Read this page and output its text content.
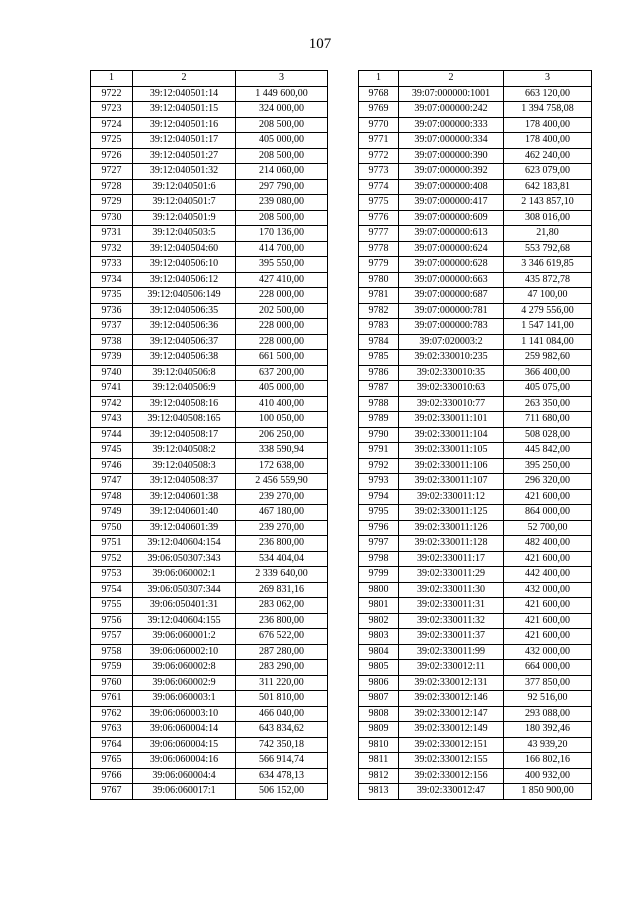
107
1	2	3
9722	39:12:040501:14	1 449 600,00
9723	39:12:040501:15	324 000,00
9724	39:12:040501:16	208 500,00
9725	39:12:040501:17	405 000,00
9726	39:12:040501:27	208 500,00
9727	39:12:040501:32	214 060,00
9728	39:12:040501:6	297 790,00
9729	39:12:040501:7	239 080,00
9730	39:12:040501:9	208 500,00
9731	39:12:040503:5	170 136,00
9732	39:12:040504:60	414 700,00
9733	39:12:040506:10	395 550,00
9734	39:12:040506:12	427 410,00
9735	39:12:040506:149	228 000,00
9736	39:12:040506:35	202 500,00
9737	39:12:040506:36	228 000,00
9738	39:12:040506:37	228 000,00
9739	39:12:040506:38	661 500,00
9740	39:12:040506:8	637 200,00
9741	39:12:040506:9	405 000,00
9742	39:12:040508:16	410 400,00
9743	39:12:040508:165	100 050,00
9744	39:12:040508:17	206 250,00
9745	39:12:040508:2	338 590,94
9746	39:12:040508:3	172 638,00
9747	39:12:040508:37	2 456 559,90
9748	39:12:040601:38	239 270,00
9749	39:12:040601:40	467 180,00
9750	39:12:040601:39	239 270,00
9751	39:12:040604:154	236 800,00
9752	39:06:050307:343	534 404,04
9753	39:06:060002:1	2 339 640,00
9754	39:06:050307:344	269 831,16
9755	39:06:050401:31	283 062,00
9756	39:12:040604:155	236 800,00
9757	39:06:060001:2	676 522,00
9758	39:06:060002:10	287 280,00
9759	39:06:060002:8	283 290,00
9760	39:06:060002:9	311 220,00
9761	39:06:060003:1	501 810,00
9762	39:06:060003:10	466 040,00
9763	39:06:060004:14	643 834,62
9764	39:06:060004:15	742 350,18
9765	39:06:060004:16	566 914,74
9766	39:06:060004:4	634 478,13
9767	39:06:060017:1	506 152,00
1	2	3
9768	39:07:000000:1001	663 120,00
9769	39:07:000000:242	1 394 758,08
9770	39:07:000000:333	178 400,00
9771	39:07:000000:334	178 400,00
9772	39:07:000000:390	462 240,00
9773	39:07:000000:392	623 079,00
9774	39:07:000000:408	642 183,81
9775	39:07:000000:417	2 143 857,10
9776	39:07:000000:609	308 016,00
9777	39:07:000000:613	21,80
9778	39:07:000000:624	553 792,68
9779	39:07:000000:628	3 346 619,85
9780	39:07:000000:663	435 872,78
9781	39:07:000000:687	47 100,00
9782	39:07:000000:781	4 279 556,00
9783	39:07:000000:783	1 547 141,00
9784	39:07:020003:2	1 141 084,00
9785	39:02:330010:235	259 982,60
9786	39:02:330010:35	366 400,00
9787	39:02:330010:63	405 075,00
9788	39:02:330010:77	263 350,00
9789	39:02:330011:101	711 680,00
9790	39:02:330011:104	508 028,00
9791	39:02:330011:105	445 842,00
9792	39:02:330011:106	395 250,00
9793	39:02:330011:107	296 320,00
9794	39:02:330011:12	421 600,00
9795	39:02:330011:125	864 000,00
9796	39:02:330011:126	52 700,00
9797	39:02:330011:128	482 400,00
9798	39:02:330011:17	421 600,00
9799	39:02:330011:29	442 400,00
9800	39:02:330011:30	432 000,00
9801	39:02:330011:31	421 600,00
9802	39:02:330011:32	421 600,00
9803	39:02:330011:37	421 600,00
9804	39:02:330011:99	432 000,00
9805	39:02:330012:11	664 000,00
9806	39:02:330012:131	377 850,00
9807	39:02:330012:146	92 516,00
9808	39:02:330012:147	293 088,00
9809	39:02:330012:149	180 392,46
9810	39:02:330012:151	43 939,20
9811	39:02:330012:155	166 802,16
9812	39:02:330012:156	400 932,00
9813	39:02:330012:47	1 850 900,00
